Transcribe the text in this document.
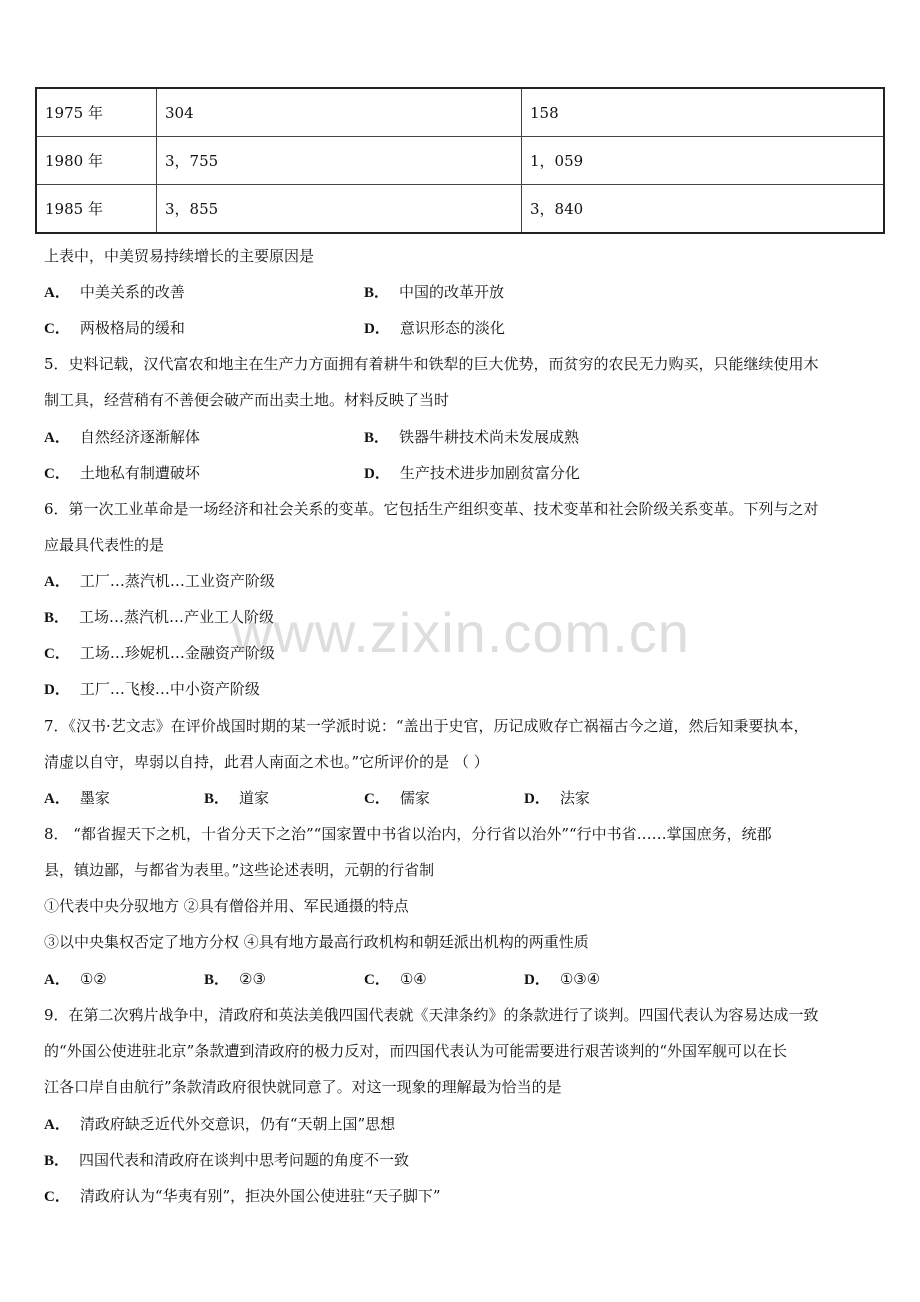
1975 年	304	158
1980 年	3，755	1，059
1985 年	3，855	3，840
上表中，中美贸易持续增长的主要原因是
A． 中美关系的改善	B． 中国的改革开放
C． 两极格局的缓和	D． 意识形态的淡化
5．史料记载，汉代富农和地主在生产力方面拥有着耕牛和铁犁的巨大优势，而贫穷的农民无力购买，只能继续使用木
制工具，经营稍有不善便会破产而出卖土地。材料反映了当时
A． 自然经济逐渐解体	B． 铁器牛耕技术尚未发展成熟
C． 土地私有制遭破坏	D． 生产技术进步加剧贫富分化
6．第一次工业革命是一场经济和社会关系的变革。它包括生产组织变革、技术变革和社会阶级关系变革。下列与之对
应最具代表性的是
A． 工厂…蒸汽机…工业资产阶级
B． 工场…蒸汽机…产业工人阶级
C． 工场…珍妮机…金融资产阶级
D． 工厂…飞梭…中小资产阶级
7．《汉书·艺文志》在评价战国时期的某一学派时说：“盖出于史官，历记成败存亡祸福古今之道，然后知秉要执本，
清虚以自守，卑弱以自持，此君人南面之术也。”它所评价的是 （ ）
A． 墨家	B． 道家	C． 儒家	D． 法家
8． “都省握天下之机，十省分天下之治”“国家置中书省以治内，分行省以治外”“行中书省……掌国庶务，统郡
县，镇边鄙，与都省为表里。”这些论述表明，元朝的行省制
①代表中央分驭地方 ②具有僧俗并用、军民通摄的特点
③以中央集权否定了地方分权 ④具有地方最高行政机构和朝廷派出机构的两重性质
A． ①②	B． ②③	C． ①④	D． ①③④
9．在第二次鸦片战争中，清政府和英法美俄四国代表就《天津条约》的条款进行了谈判。四国代表认为容易达成一致
的“外国公使进驻北京”条款遭到清政府的极力反对，而四国代表认为可能需要进行艰苦谈判的“外国军舰可以在长
江各口岸自由航行”条款清政府很快就同意了。对这一现象的理解最为恰当的是
A． 清政府缺乏近代外交意识，仍有“天朝上国”思想
B． 四国代表和清政府在谈判中思考问题的角度不一致
C． 清政府认为“华夷有别”，拒决外国公使进驻“天子脚下”
www.zixin.com.cn
